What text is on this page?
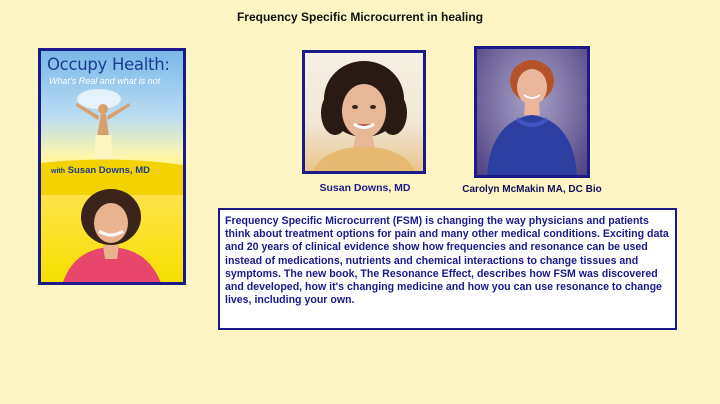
Frequency Specific Microcurrent in healing
Occupy Health:
What's Real and what is not
with Susan Downs, MD
Susan Downs, MD	Carolyn McMakin MA, DC Bio
Frequency Specific Microcurrent (FSM) is changing the way physicians and patients think about treatment options for pain and many other medical conditions. Exciting data and 20 years of clinical evidence show how frequencies and resonance can be used instead of medications, nutrients and chemical interactions to change tissues and symptoms. The new book, The Resonance Effect, describes how FSM was discovered and developed, how it's changing medicine and how you can use resonance to change lives, including your own.
